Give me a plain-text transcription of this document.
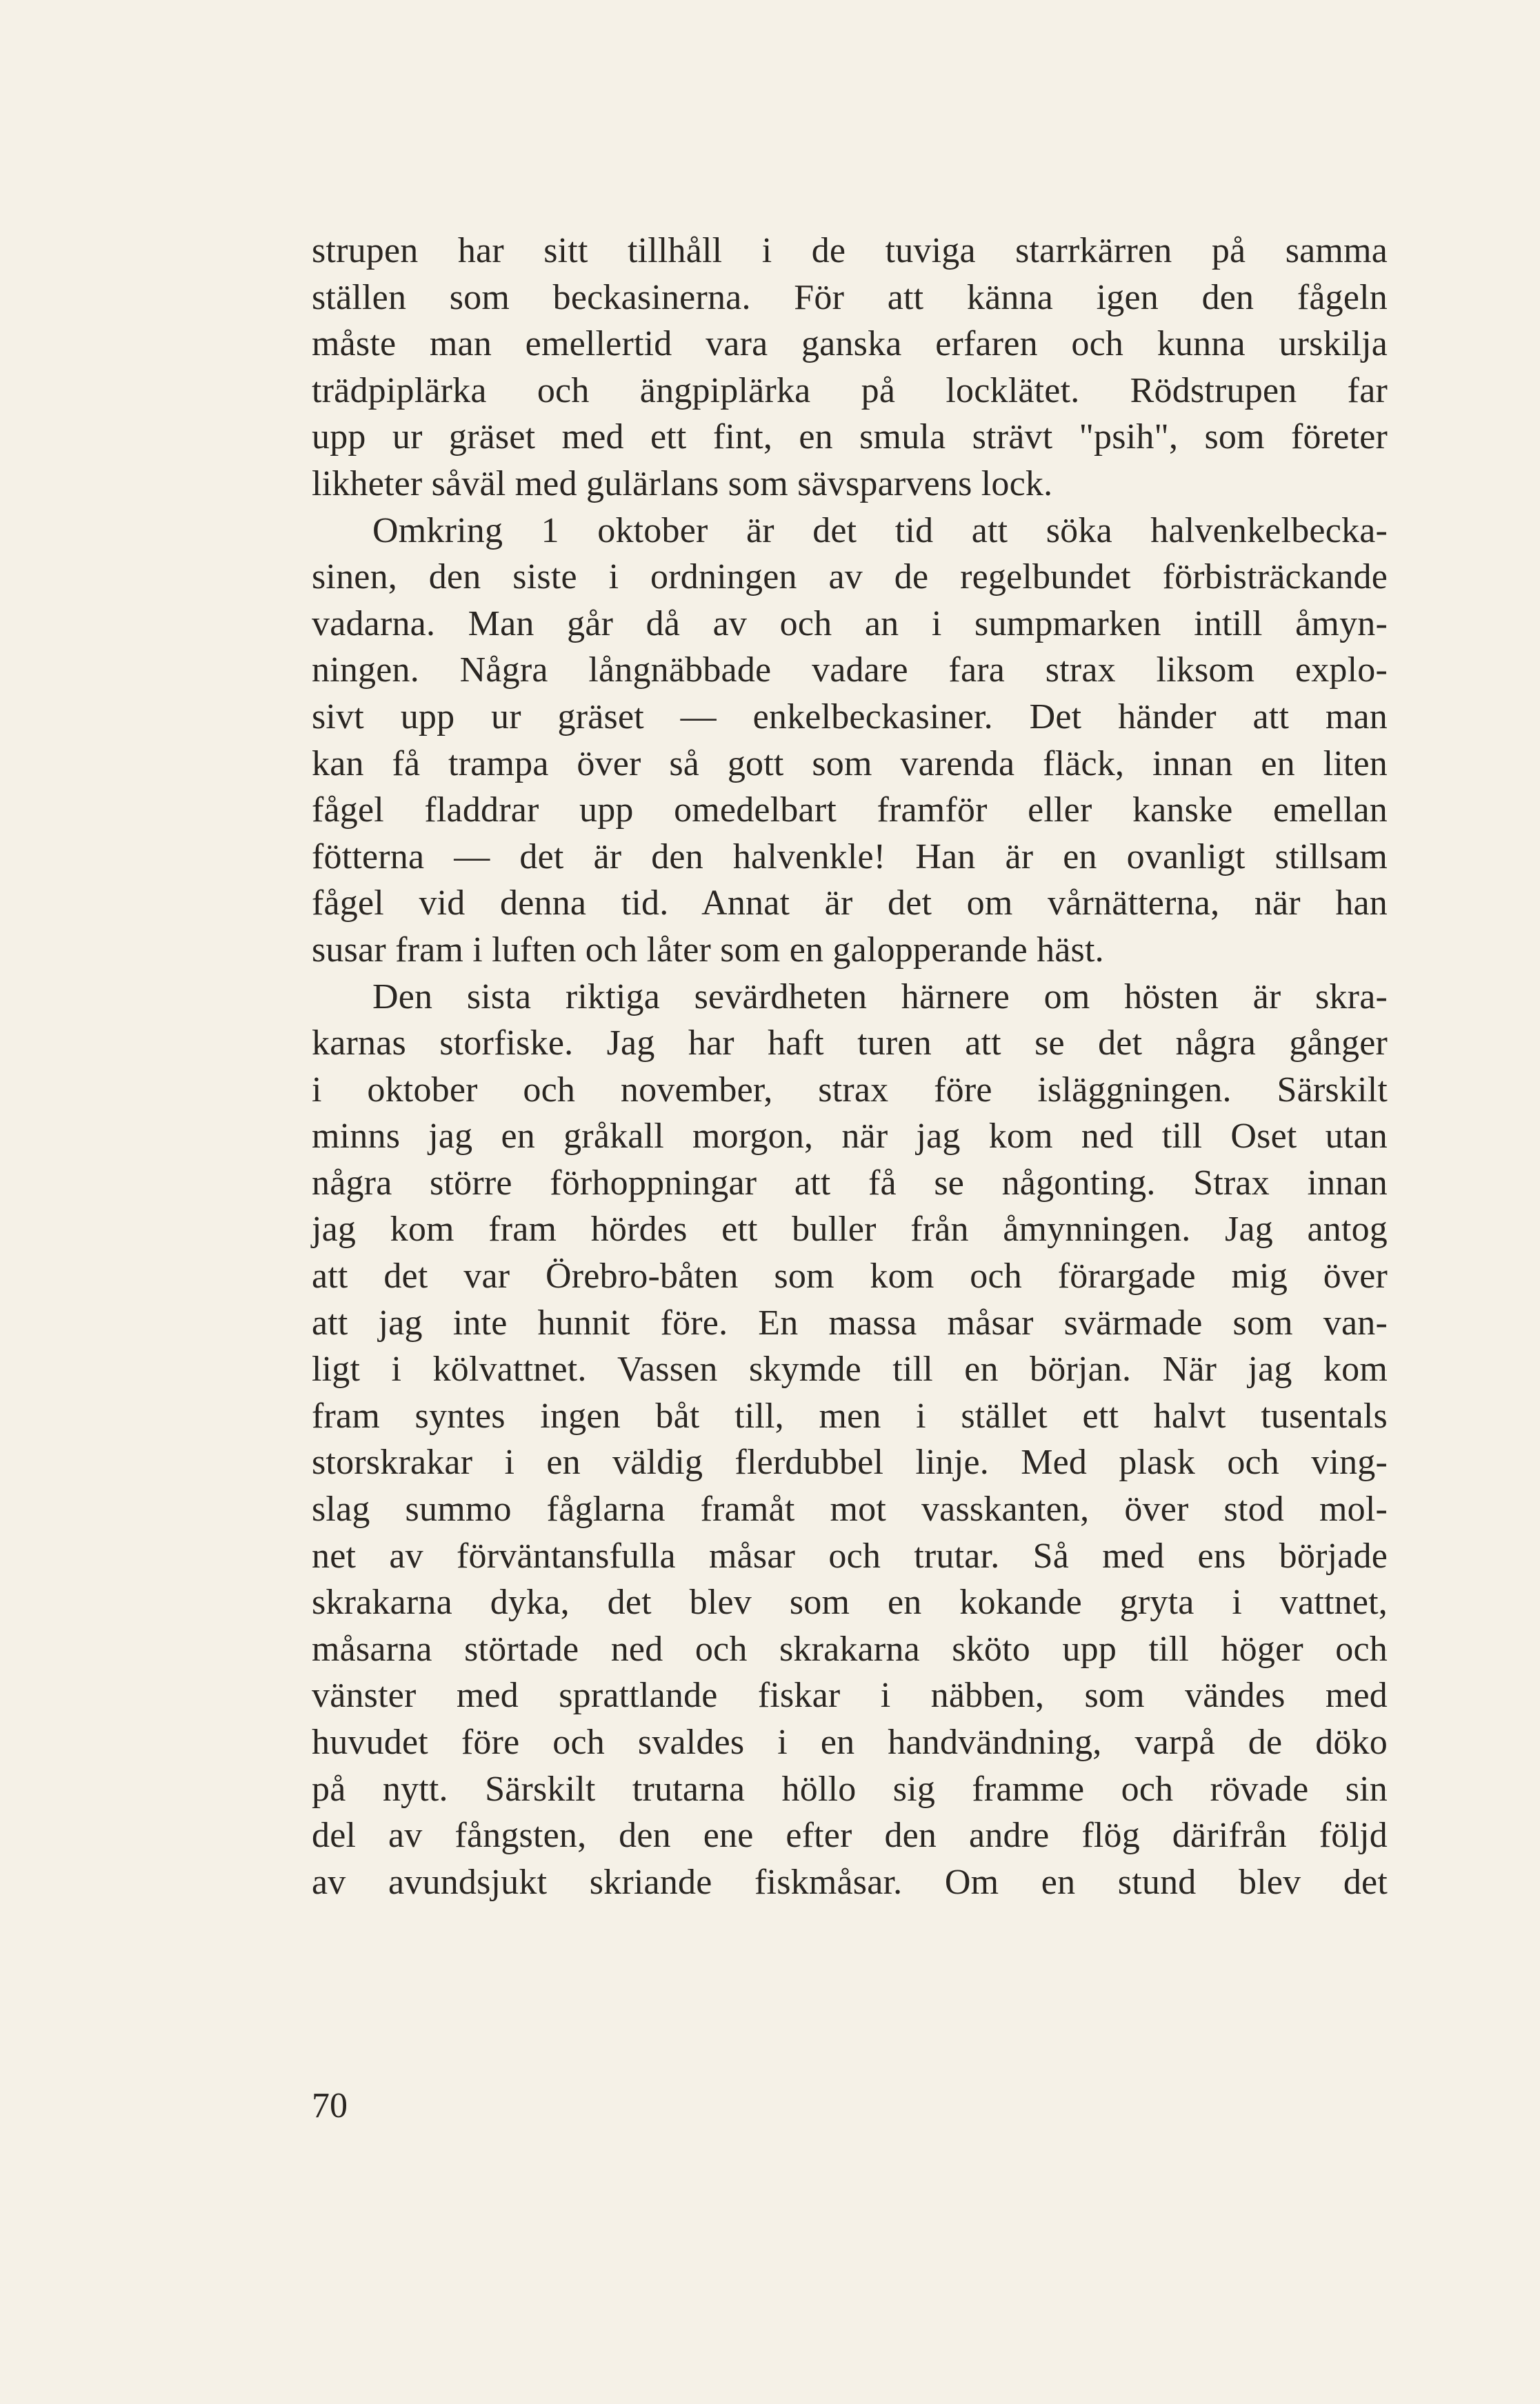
strupen har sitt tillhåll i de tuviga starrkärren på samma
ställen som beckasinerna. För att känna igen den fågeln
måste man emellertid vara ganska erfaren och kunna urskilja
trädpiplärka och ängpiplärka på locklätet. Rödstrupen far
upp ur gräset med ett fint, en smula strävt "psih", som företer
likheter såväl med gulärlans som sävsparvens lock.
Omkring 1 oktober är det tid att söka halvenkelbecka-
sinen, den siste i ordningen av de regelbundet förbisträckande
vadarna. Man går då av och an i sumpmarken intill åmyn-
ningen. Några långnäbbade vadare fara strax liksom explo-
sivt upp ur gräset — enkelbeckasiner. Det händer att man
kan få trampa över så gott som varenda fläck, innan en liten
fågel fladdrar upp omedelbart framför eller kanske emellan
fötterna — det är den halvenkle! Han är en ovanligt stillsam
fågel vid denna tid. Annat är det om vårnätterna, när han
susar fram i luften och låter som en galopperande häst.
Den sista riktiga sevärdheten härnere om hösten är skra-
karnas storfiske. Jag har haft turen att se det några gånger
i oktober och november, strax före isläggningen. Särskilt
minns jag en gråkall morgon, när jag kom ned till Oset utan
några större förhoppningar att få se någonting. Strax innan
jag kom fram hördes ett buller från åmynningen. Jag antog
att det var Örebro-båten som kom och förargade mig över
att jag inte hunnit före. En massa måsar svärmade som van-
ligt i kölvattnet. Vassen skymde till en början. När jag kom
fram syntes ingen båt till, men i stället ett halvt tusentals
storskrakar i en väldig flerdubbel linje. Med plask och ving-
slag summo fåglarna framåt mot vasskanten, över stod mol-
net av förväntansfulla måsar och trutar. Så med ens började
skrakarna dyka, det blev som en kokande gryta i vattnet,
måsarna störtade ned och skrakarna sköto upp till höger och
vänster med sprattlande fiskar i näbben, som vändes med
huvudet före och svaldes i en handvändning, varpå de döko
på nytt. Särskilt trutarna höllo sig framme och rövade sin
del av fångsten, den ene efter den andre flög därifrån följd
av avundsjukt skriande fiskmåsar. Om en stund blev det
70
